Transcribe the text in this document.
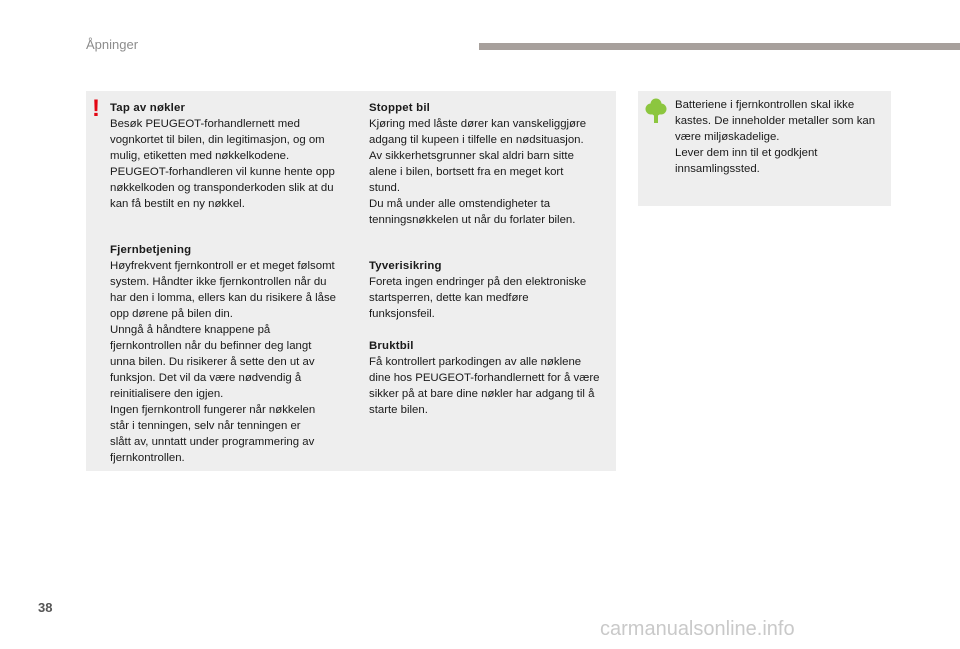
Åpninger
! Tap av nøkler

Besøk PEUGEOT-forhandlernett med
vognkortet til bilen, din legitimasjon, og om
mulig, etiketten med nøkkelkodene.
PEUGEOT-forhandleren vil kunne hente opp
nøkkelkoden og transponderkoden slik at du
kan få bestilt en ny nøkkel.

Fjernbetjening

Høyfrekvent fjernkontroll er et meget følsomt
system. Håndter ikke fjernkontrollen når du
har den i lomma, ellers kan du risikere å låse
opp dørene på bilen din.
Unngå å håndtere knappene på
fjernkontrollen når du befinner deg langt
unna bilen. Du risikerer å sette den ut av
funksjon. Det vil da være nødvendig å
reinitialisere den igjen.
Ingen fjernkontroll fungerer når nøkkelen
står i tenningen, selv når tenningen er
slått av, unntatt under programmering av
fjernkontrollen.

Stoppet bil

Kjøring med låste dører kan vanskeliggjøre
adgang til kupeen i tilfelle en nødsituasjon.
Av sikkerhetsgrunner skal aldri barn sitte
alene i bilen, bortsett fra en meget kort
stund.
Du må under alle omstendigheter ta
tenningsnøkkelen ut når du forlater bilen.

Tyverisikring

Foreta ingen endringer på den elektroniske
startsperren, dette kan medføre
funksjonsfeil.

Bruktbil

Få kontrollert parkodingen av alle nøklene
dine hos PEUGEOT-forhandlernett for å være
sikker på at bare dine nøkler har adgang til å
starte bilen.

Batteriene i fjernkontrollen skal ikke
kastes. De inneholder metaller som kan
være miljøskadelige.
Lever dem inn til et godkjent
innsamlingssted.

38
carmanualsonline.info
